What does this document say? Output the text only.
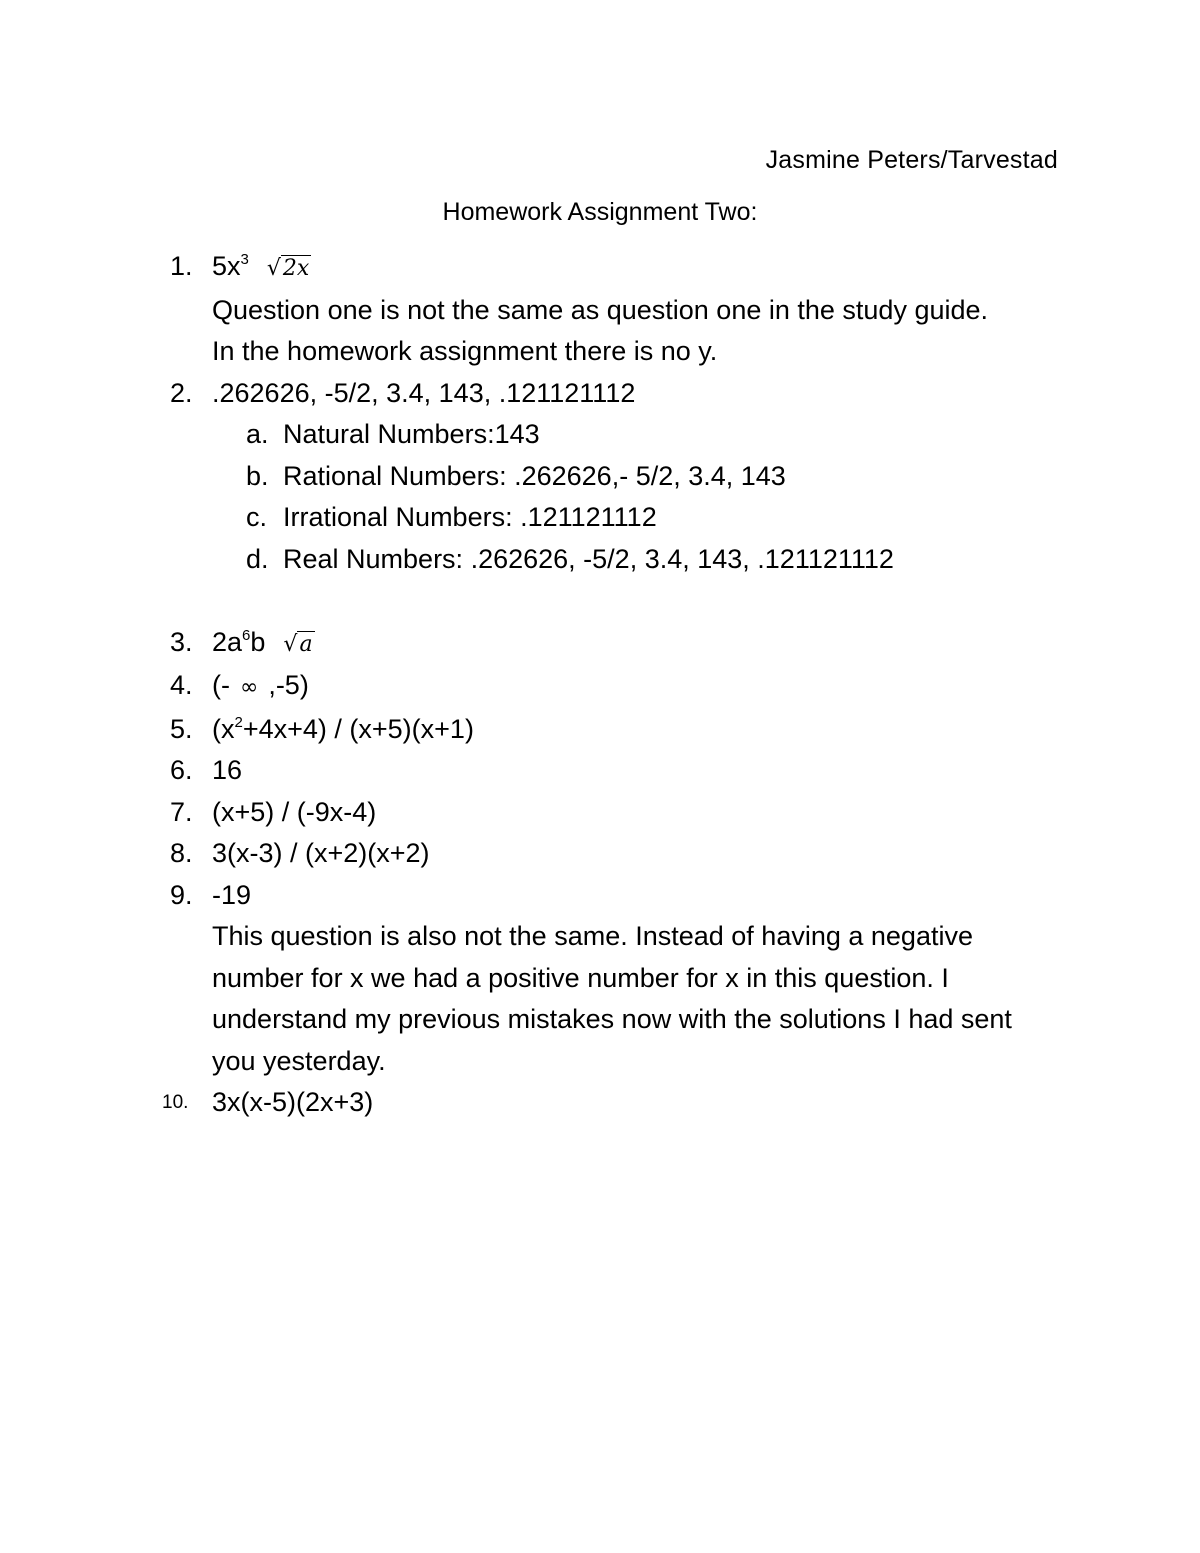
Jasmine Peters/Tarvestad
Homework Assignment Two:
1. $5x^3$ √2x
Question one is not the same as question one in the study guide.
In the homework assignment there is no y.
2. .262626, -5/2, 3.4, 143, .121121112
a. Natural Numbers:143
b. Rational Numbers: .262626,- 5/2, 3.4, 143
c. Irrational Numbers: .121121112
d. Real Numbers: .262626, -5/2, 3.4, 143, .121121112
3. $2a^6b$ √a
4. (- ∞ ,-5)
5. $(x^2+4x+4) / (x+5)(x+1)$
6. 16
7. (x+5) / (-9x-4)
8. 3(x-3) / (x+2)(x+2)
9. -19
This question is also not the same. Instead of having a negative number for x we had a positive number for x in this question. I understand my previous mistakes now with the solutions I had sent you yesterday.
10. 3x(x-5)(2x+3)
